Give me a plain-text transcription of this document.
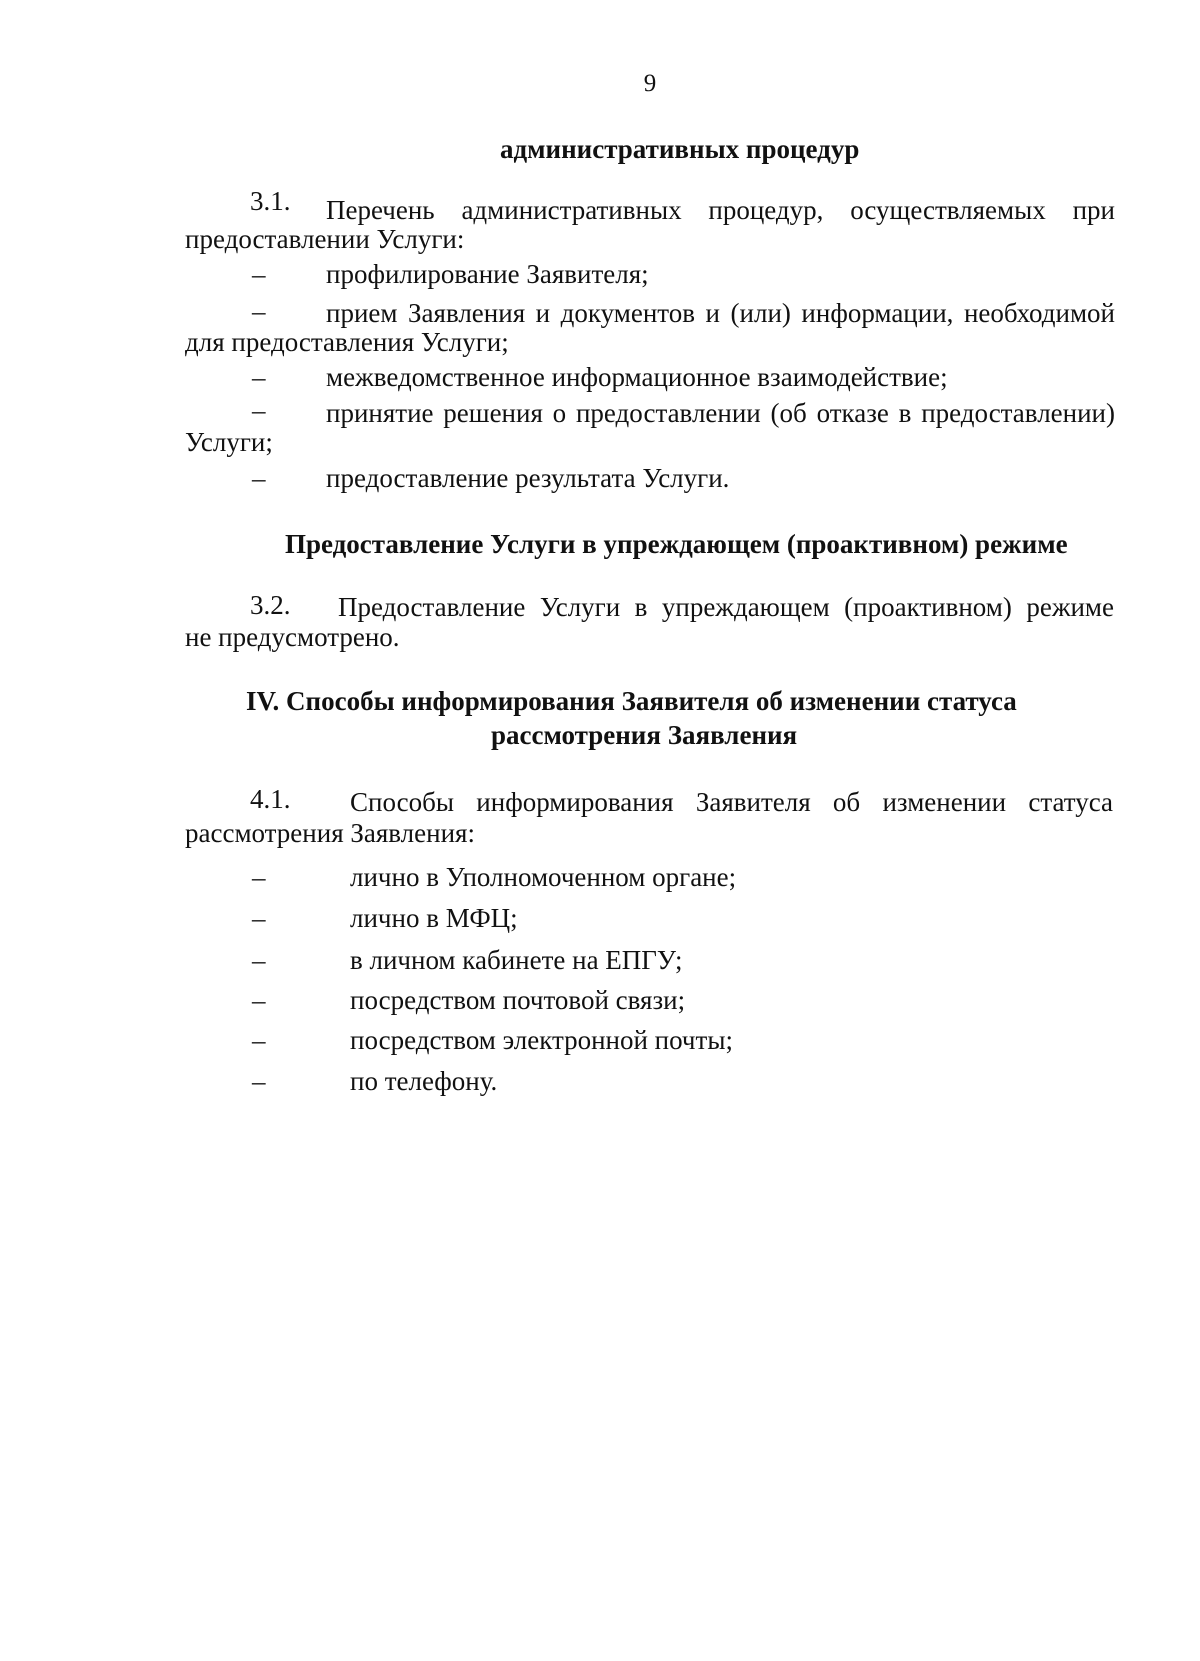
9
административных процедур
3.1. Перечень административных процедур, осуществляемых при
предоставлении Услуги:
– профилирование Заявителя;
– прием Заявления и документов и (или) информации, необходимой
для предоставления Услуги;
– межведомственное информационное взаимодействие;
– принятие решения о предоставлении (об отказе в предоставлении)
Услуги;
– предоставление результата Услуги.
Предоставление Услуги в упреждающем (проактивном) режиме
3.2. Предоставление Услуги в упреждающем (проактивном) режиме
не предусмотрено.
IV. Способы информирования Заявителя об изменении статуса
рассмотрения Заявления
4.1. Способы информирования Заявителя об изменении статуса
рассмотрения Заявления:
–	лично в Уполномоченном органе;
–	лично в МФЦ;
–	в личном кабинете на ЕПГУ;
–	посредством почтовой связи;
–	посредством электронной почты;
–	по телефону.
